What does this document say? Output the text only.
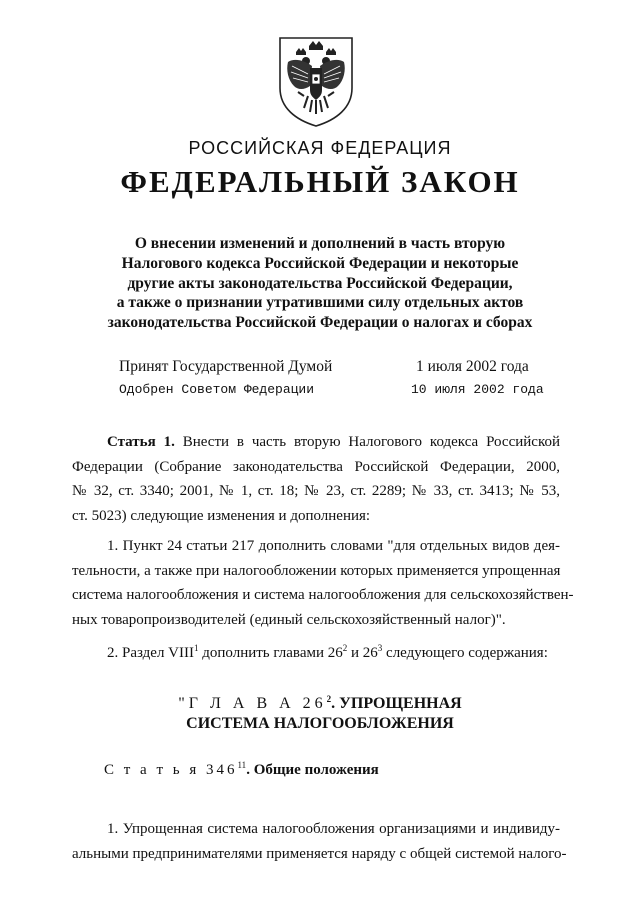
РОССИЙСКАЯ ФЕДЕРАЦИЯ
ФЕДЕРАЛЬНЫЙ ЗАКОН
О внесении изменений и дополнений в часть вторую
Налогового кодекса Российской Федерации и некоторые
другие акты законодательства Российской Федерации,
а также о признании утратившими силу отдельных актов
законодательства Российской Федерации о налогах и сборах
Принят Государственной Думой	1 июля 2002 года
Одобрен Советом Федерации	10 июля 2002 года
Статья 1. Внести в часть вторую Налогового кодекса Российской
Федерации (Собрание законодательства Российской Федерации, 2000,
№ 32, ст. 3340; 2001, № 1, ст. 18; № 23, ст. 2289; № 33, ст. 3413; № 53,
ст. 5023) следующие изменения и дополнения:
1. Пункт 24 статьи 217 дополнить словами "для отдельных видов дея-
тельности, а также при налогообложении которых применяется упрощенная
система налогообложения и система налогообложения для сельскохозяйствен-
ных товаропроизводителей (единый сельскохозяйственный налог)".
2. Раздел VIII$^1$ дополнить главами $26^2$ и $26^3$ следующего содержания:
"Г Л А В А $26^2$. УПРОЩЕННАЯ
СИСТЕМА НАЛОГООБЛОЖЕНИЯ
С т а т ь я $346^{11}$. Общие положения
1. Упрощенная система налогообложения организациями и индивиду-
альными предпринимателями применяется наряду с общей системой налого-
